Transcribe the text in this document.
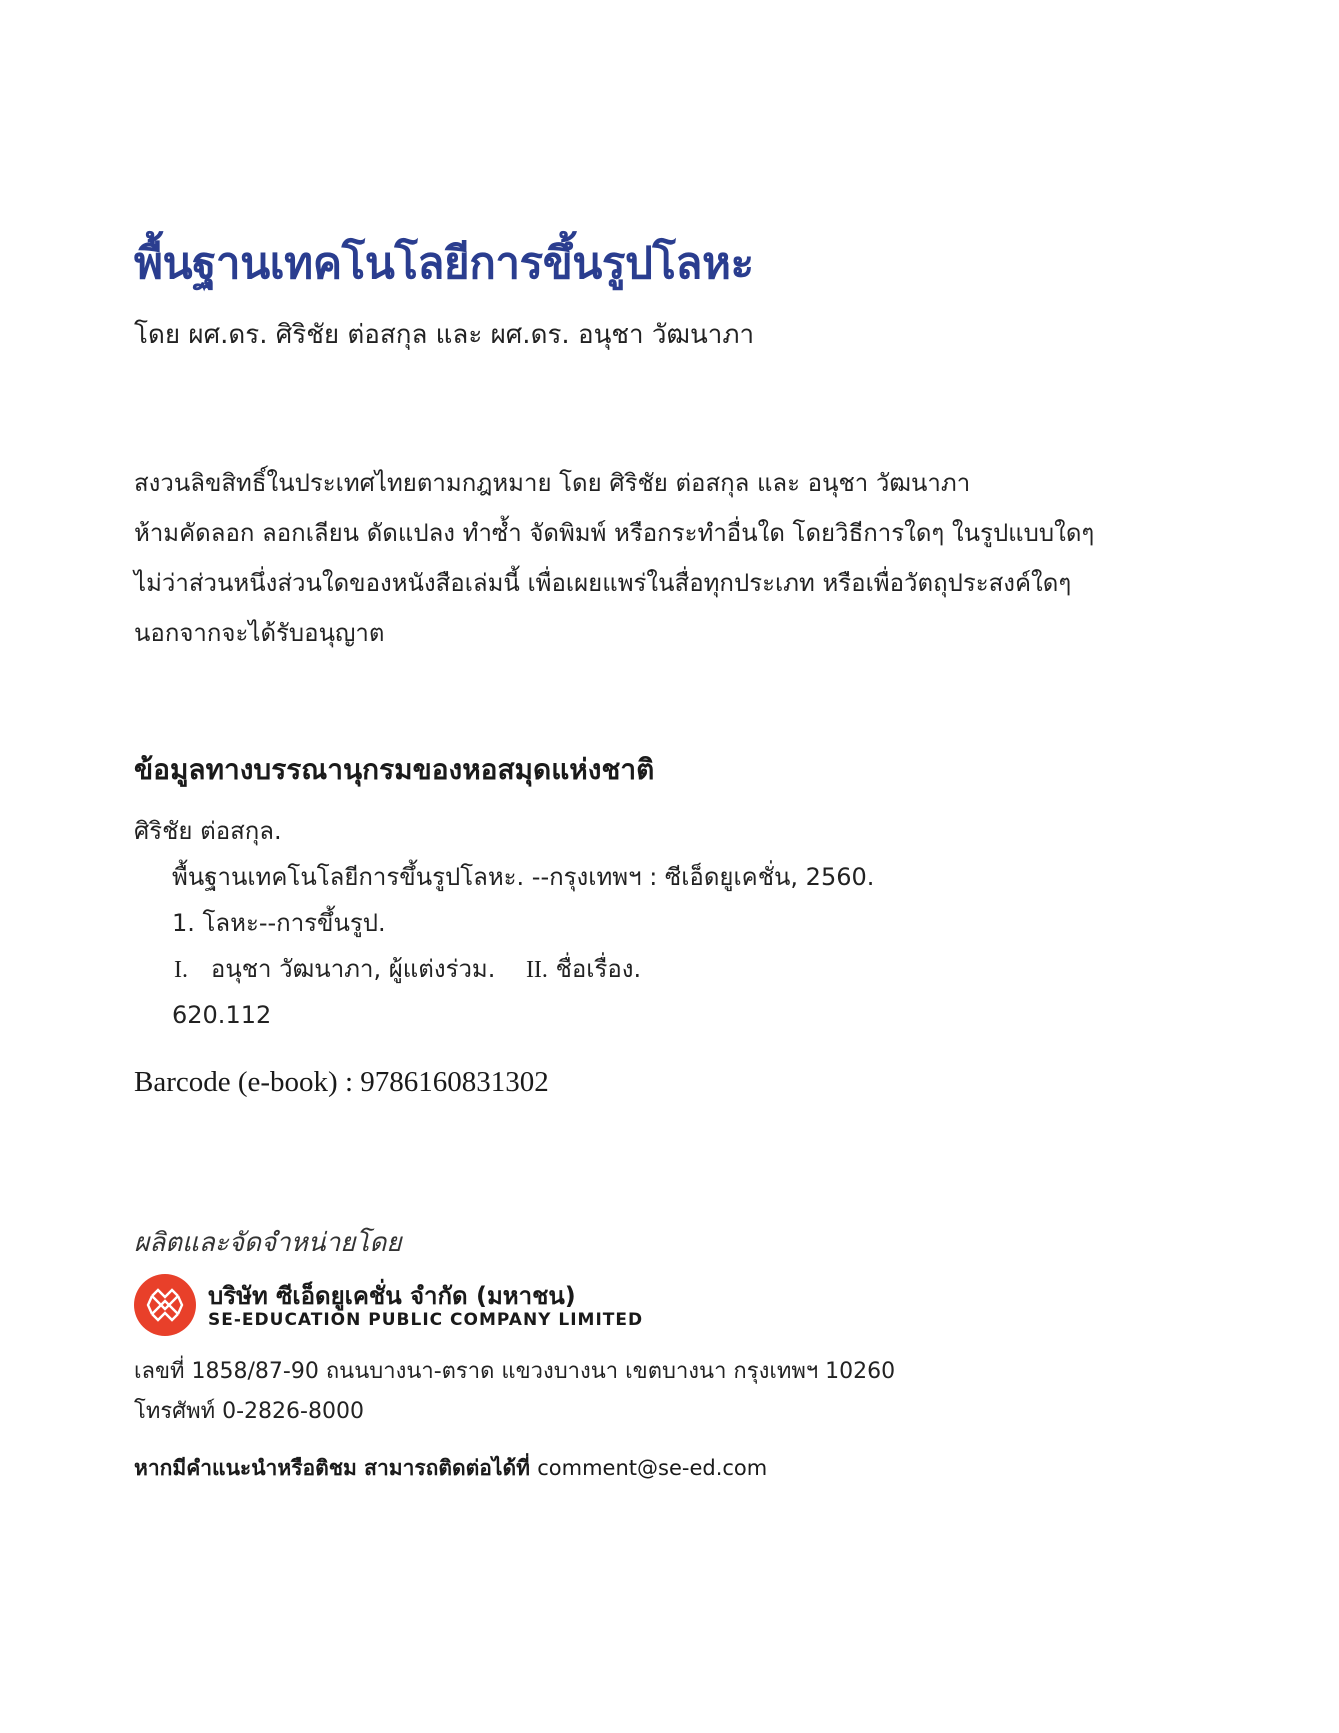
พื้นฐานเทคโนโลยีการขึ้นรูปโลหะ
โดย ผศ.ดร. ศิริชัย ต่อสกุล และ ผศ.ดร. อนุชา วัฒนาภา

สงวนลิขสิทธิ์ในประเทศไทยตามกฎหมาย โดย ศิริชัย ต่อสกุล และ อนุชา วัฒนาภา

ห้ามคัดลอก ลอกเลียน ดัดแปลง ทำซ้ำ จัดพิมพ์ หรือกระทำอื่นใด โดยวิธีการใดๆ ในรูปแบบใดๆ

ไม่ว่าส่วนหนึ่งส่วนใดของหนังสือเล่มนี้ เพื่อเผยแพร่ในสื่อทุกประเภท หรือเพื่อวัตถุประสงค์ใดๆ

นอกจากจะได้รับอนุญาต

ข้อมูลทางบรรณานุกรมของหอสมุดแห่งชาติ
ศิริชัย ต่อสกุล.
พื้นฐานเทคโนโลยีการขึ้นรูปโลหะ. --กรุงเทพฯ : ซีเอ็ดยูเคชั่น, 2560.
1. โลหะ--การขึ้นรูป.
I. อนุชา วัฒนาภา, ผู้แต่งร่วม. II. ชื่อเรื่อง.
620.112
Barcode (e-book) : 9786160831302
ผลิตและจัดจำหน่ายโดย
บริษัท ซีเอ็ดยูเคชั่น จำกัด (มหาชน)
SE-EDUCATION PUBLIC COMPANY LIMITED
เลขที่ 1858/87-90 ถนนบางนา-ตราด แขวงบางนา เขตบางนา กรุงเทพฯ 10260
โทรศัพท์ 0-2826-8000
หากมีคำแนะนำหรือติชม สามารถติดต่อได้ที่ comment@se-ed.com
